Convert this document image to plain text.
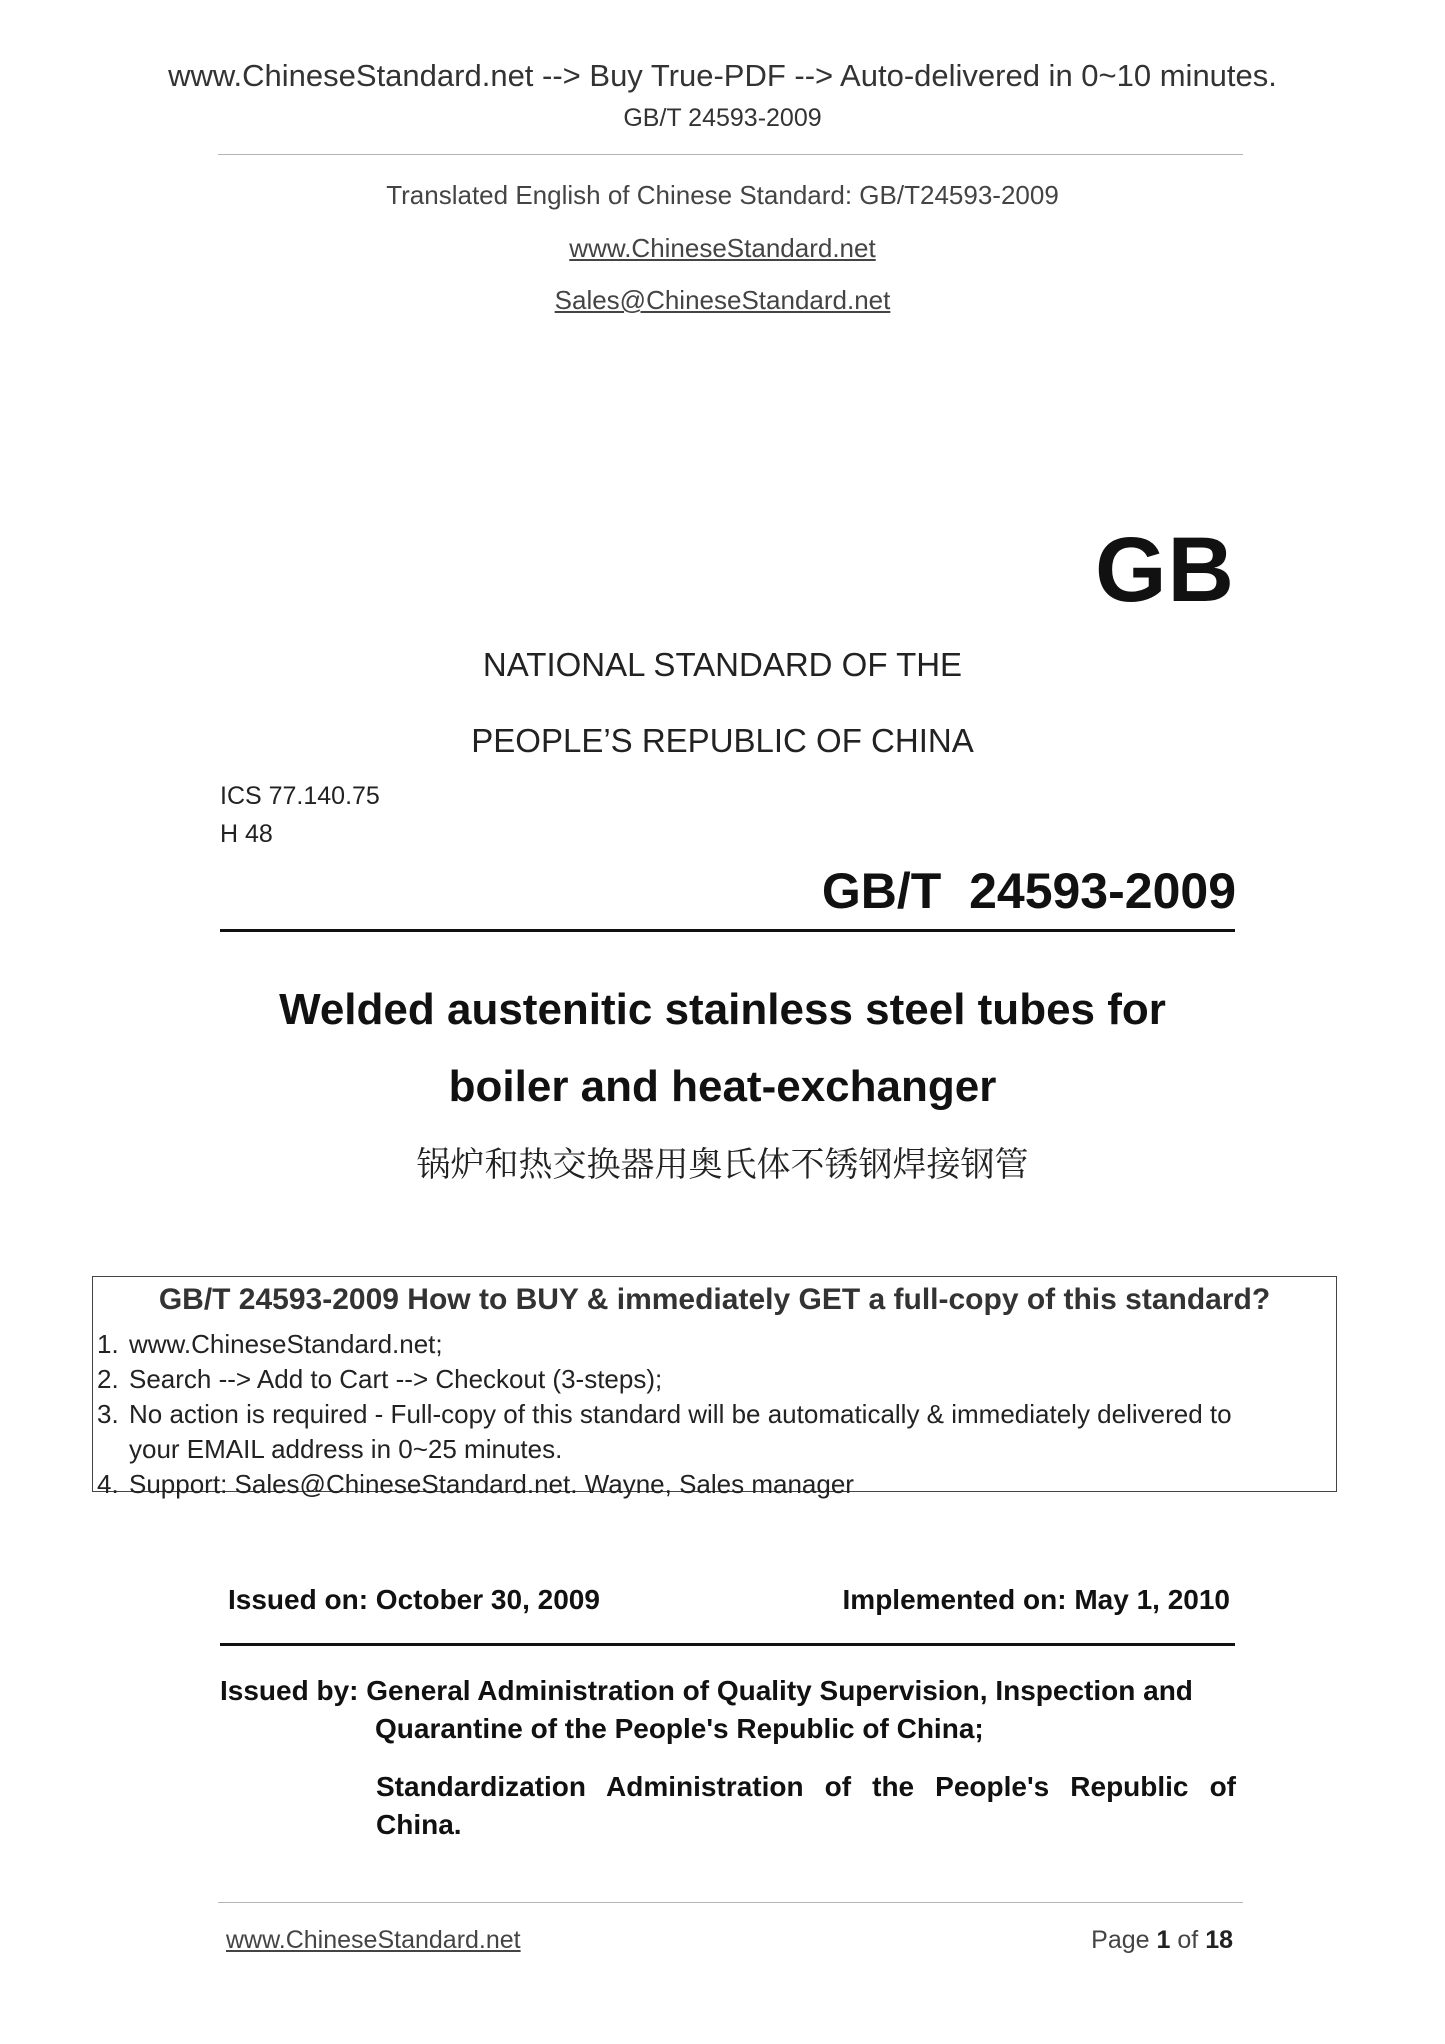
www.ChineseStandard.net --> Buy True-PDF --> Auto-delivered in 0~10 minutes.
GB/T 24593-2009
Translated English of Chinese Standard: GB/T24593-2009
www.ChineseStandard.net
Sales@ChineseStandard.net
GB
NATIONAL STANDARD OF THE
PEOPLE’S REPUBLIC OF CHINA
ICS 77.140.75
H 48
GB/T  24593-2009
Welded austenitic stainless steel tubes for
boiler and heat-exchanger
锅炉和热交换器用奥氏体不锈钢焊接钢管
GB/T 24593-2009 How to BUY & immediately GET a full-copy of this standard?
1. www.ChineseStandard.net;
2. Search --> Add to Cart --> Checkout (3-steps);
3. No action is required - Full-copy of this standard will be automatically & immediately delivered to
your EMAIL address in 0~25 minutes.
4. Support: Sales@ChineseStandard.net. Wayne, Sales manager
Issued on: October 30, 2009	Implemented on: May 1, 2010
Issued by: General Administration of Quality Supervision, Inspection and
Quarantine of the People's Republic of China;
Standardization Administration of the People's Republic of China.
www.ChineseStandard.net	Page 1 of 18
